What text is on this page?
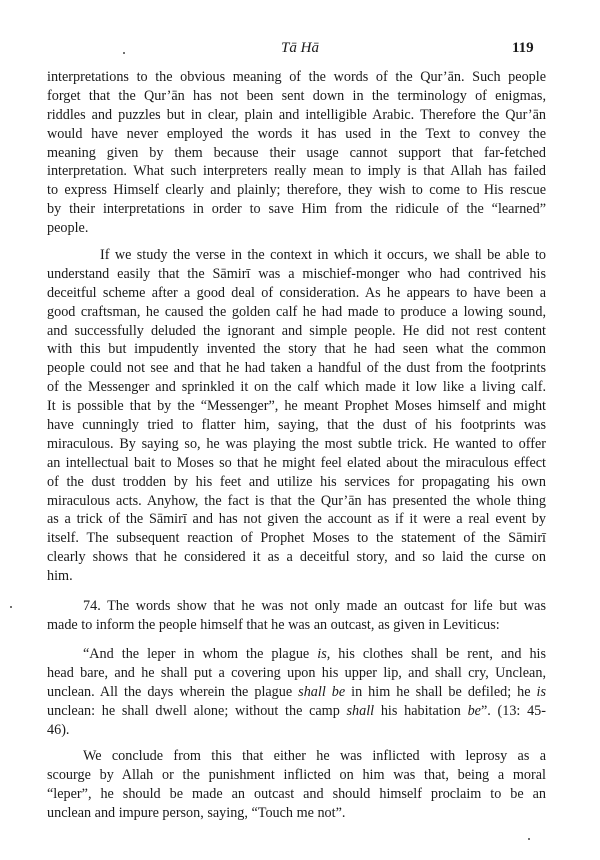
Tā Hā	119
interpretations to the obvious meaning of the words of the Qur’ān. Such people
forget that the Qur’ān has not been sent down in the terminology of enigmas,
riddles and puzzles but in clear, plain and intelligible Arabic. Therefore the Qur’ān
would have never employed the words it has used in the Text to convey the
meaning given by them because their usage cannot support that far-fetched
interpretation. What such interpreters really mean to imply is that Allah has failed
to express Himself clearly and plainly; therefore, they wish to come to His rescue
by their interpretations in order to save Him from the ridicule of the “learned”
people.
If we study the verse in the context in which it occurs, we shall be able to
understand easily that the Sāmirī was a mischief-monger who had contrived his
deceitful scheme after a good deal of consideration. As he appears to have been a
good craftsman, he caused the golden calf he had made to produce a lowing sound,
and successfully deluded the ignorant and simple people. He did not rest content
with this but impudently invented the story that he had seen what the common
people could not see and that he had taken a handful of the dust from the footprints
of the Messenger and sprinkled it on the calf which made it low like a living calf.
It is possible that by the “Messenger”, he meant Prophet Moses himself and might
have cunningly tried to flatter him, saying, that the dust of his footprints was
miraculous. By saying so, he was playing the most subtle trick. He wanted to offer
an intellectual bait to Moses so that he might feel elated about the miraculous effect
of the dust trodden by his feet and utilize his services for propagating his own
miraculous acts. Anyhow, the fact is that the Qur’ān has presented the whole thing
as a trick of the Sāmirī and has not given the account as if it were a real event by
itself. The subsequent reaction of Prophet Moses to the statement of the Sāmirī
clearly shows that he considered it as a deceitful story, and so laid the curse on
him.
74. The words show that he was not only made an outcast for life but was
made to inform the people himself that he was an outcast, as given in Leviticus:
“And the leper in whom the plague is, his clothes shall be rent, and his
head bare, and he shall put a covering upon his upper lip, and shall cry, Unclean,
unclean. All the days wherein the plague shall be in him he shall be defiled; he is
unclean: he shall dwell alone; without the camp shall his habitation be”. (13: 45-
46).
We conclude from this that either he was inflicted with leprosy as a
scourge by Allah or the punishment inflicted on him was that, being a moral
“leper”, he should be made an outcast and should himself proclaim to be an
unclean and impure person, saying, “Touch me not”.
